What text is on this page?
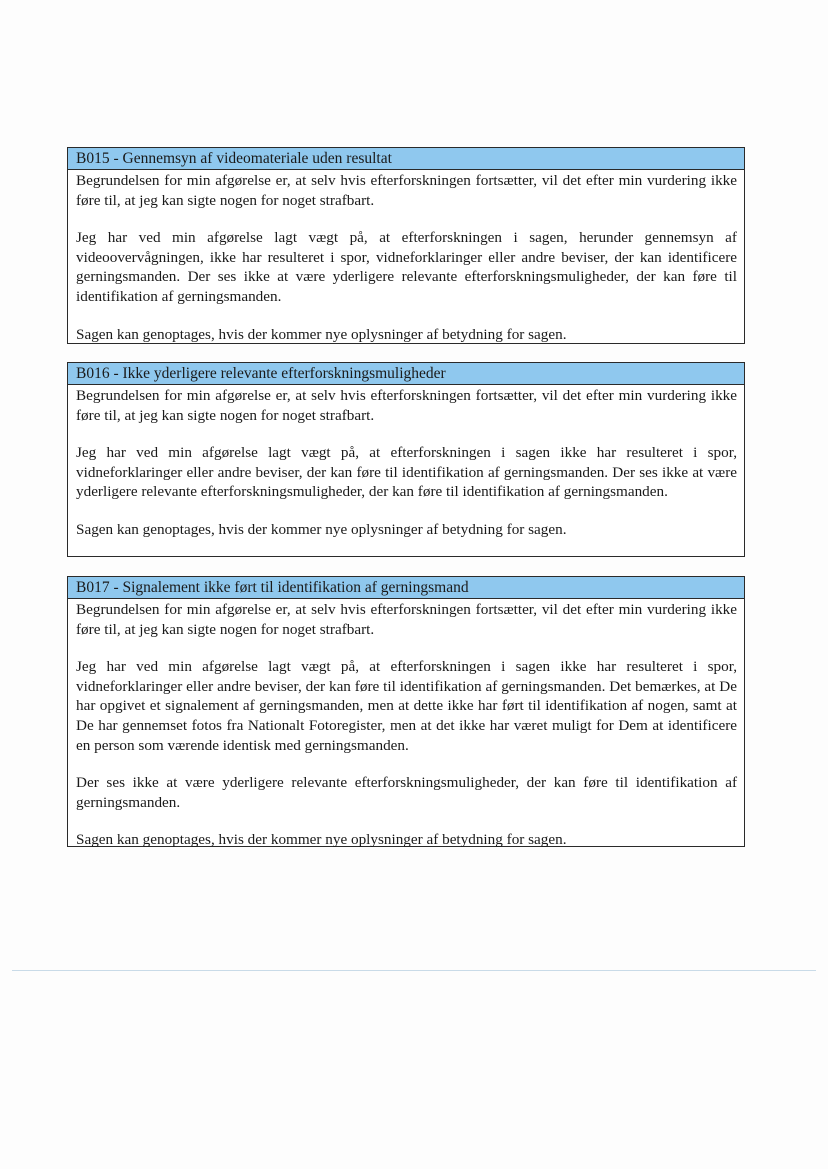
B015 - Gennemsyn af videomateriale uden resultat

Begrundelsen for min afgørelse er, at selv hvis efterforskningen fortsætter, vil det efter min vurdering ikke føre til, at jeg kan sigte nogen for noget strafbart.

Jeg har ved min afgørelse lagt vægt på, at efterforskningen i sagen, herunder gennemsyn af videoovervågningen, ikke har resulteret i spor, vidneforklaringer eller andre beviser, der kan identificere gerningsmanden. Der ses ikke at være yderligere relevante efterforskningsmuligheder, der kan føre til identifikation af gerningsmanden.

Sagen kan genoptages, hvis der kommer nye oplysninger af betydning for sagen.

B016 - Ikke yderligere relevante efterforskningsmuligheder

Begrundelsen for min afgørelse er, at selv hvis efterforskningen fortsætter, vil det efter min vurdering ikke føre til, at jeg kan sigte nogen for noget strafbart.

Jeg har ved min afgørelse lagt vægt på, at efterforskningen i sagen ikke har resulteret i spor, vidneforklaringer eller andre beviser, der kan føre til identifikation af gerningsmanden. Der ses ikke at være yderligere relevante efterforskningsmuligheder, der kan føre til identifikation af gerningsmanden.

Sagen kan genoptages, hvis der kommer nye oplysninger af betydning for sagen.

B017 - Signalement ikke ført til identifikation af gerningsmand

Begrundelsen for min afgørelse er, at selv hvis efterforskningen fortsætter, vil det efter min vurdering ikke føre til, at jeg kan sigte nogen for noget strafbart.

Jeg har ved min afgørelse lagt vægt på, at efterforskningen i sagen ikke har resulteret i spor, vidneforklaringer eller andre beviser, der kan føre til identifikation af gerningsmanden. Det bemærkes, at De har opgivet et signalement af gerningsmanden, men at dette ikke har ført til identifikation af nogen, samt at De har gennemset fotos fra Nationalt Fotoregister, men at det ikke har været muligt for Dem at identificere en person som værende identisk med gerningsmanden.

Der ses ikke at være yderligere relevante efterforskningsmuligheder, der kan føre til identifikation af gerningsmanden.

Sagen kan genoptages, hvis der kommer nye oplysninger af betydning for sagen.
